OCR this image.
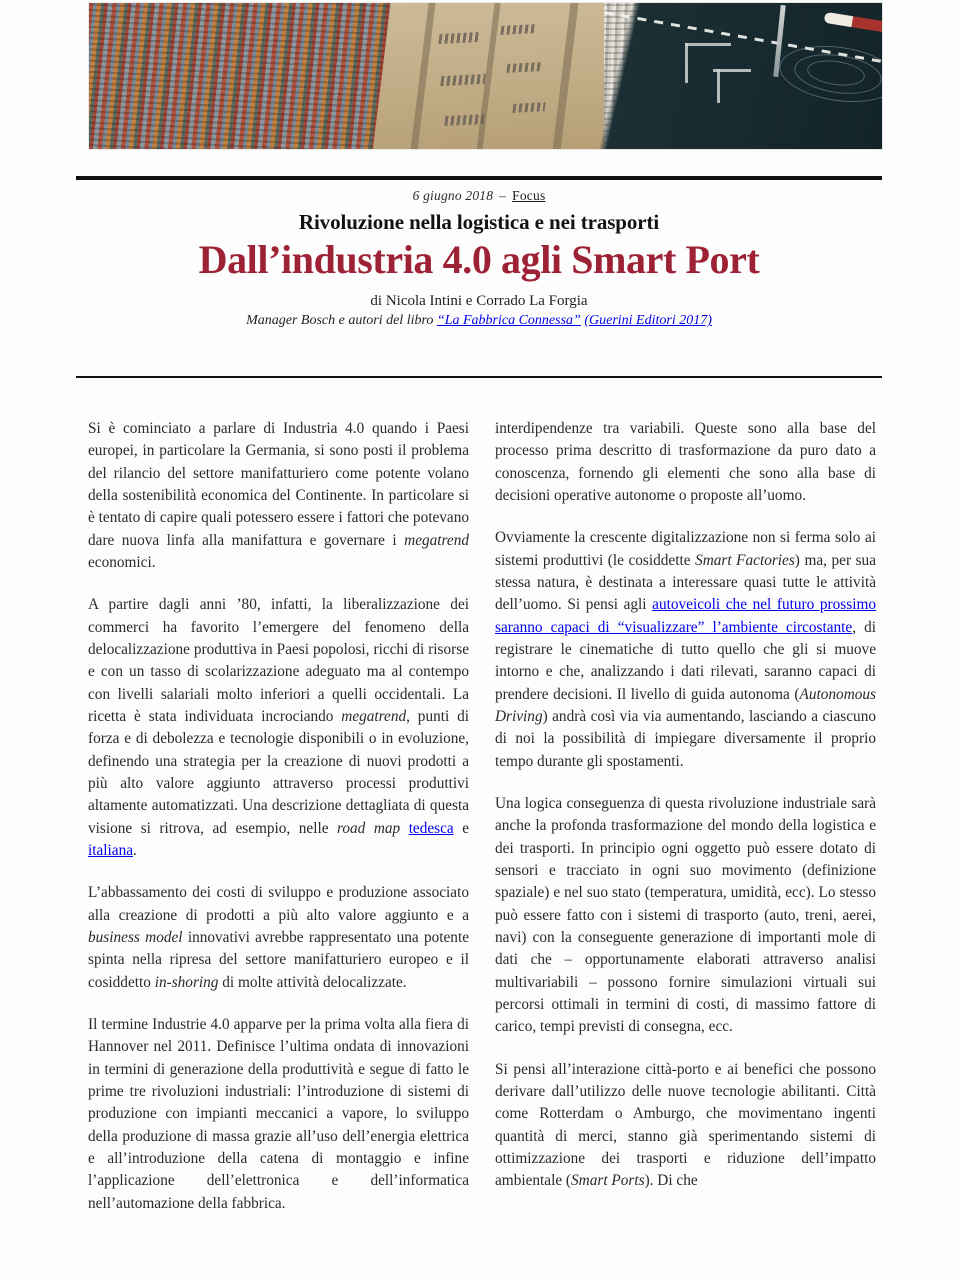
6 giugno 2018 – Focus
Rivoluzione nella logistica e nei trasporti
Dall’industria 4.0 agli Smart Port
di Nicola Intini e Corrado La Forgia
Manager Bosch e autori del libro “La Fabbrica Connessa” (Guerini Editori 2017)

Si è cominciato a parlare di Industria 4.0 quando i Paesi europei, in particolare la Germania, si sono posti il problema del rilancio del settore manifatturiero come potente volano della sostenibilità economica del Continente. In particolare si è tentato di capire quali potessero essere i fattori che potevano dare nuova linfa alla manifattura e governare i megatrend economici.

A partire dagli anni ’80, infatti, la liberalizzazione dei commerci ha favorito l’emergere del fenomeno della delocalizzazione produttiva in Paesi popolosi, ricchi di risorse e con un tasso di scolarizzazione adeguato ma al contempo con livelli salariali molto inferiori a quelli occidentali. La ricetta è stata individuata incrociando megatrend, punti di forza e di debolezza e tecnologie disponibili o in evoluzione, definendo una strategia per la creazione di nuovi prodotti a più alto valore aggiunto attraverso processi produttivi altamente automatizzati. Una descrizione dettagliata di questa visione si ritrova, ad esempio, nelle road map tedesca e italiana.

L’abbassamento dei costi di sviluppo e produzione associato alla creazione di prodotti a più alto valore aggiunto e a business model innovativi avrebbe rappresentato una potente spinta nella ripresa del settore manifatturiero europeo e il cosiddetto in-shoring di molte attività delocalizzate.

Il termine Industrie 4.0 apparve per la prima volta alla fiera di Hannover nel 2011. Definisce l’ultima ondata di innovazioni in termini di generazione della produttività e segue di fatto le prime tre rivoluzioni industriali: l’introduzione di sistemi di produzione con impianti meccanici a vapore, lo sviluppo della produzione di massa grazie all’uso dell’energia elettrica e all’introduzione della catena di montaggio e infine l’applicazione dell’elettronica e dell’informatica nell’automazione della fabbrica.

interdipendenze tra variabili. Queste sono alla base del processo prima descritto di trasformazione da puro dato a conoscenza, fornendo gli elementi che sono alla base di decisioni operative autonome o proposte all’uomo.

Ovviamente la crescente digitalizzazione non si ferma solo ai sistemi produttivi (le cosiddette Smart Factories) ma, per sua stessa natura, è destinata a interessare quasi tutte le attività dell’uomo. Si pensi agli autoveicoli che nel futuro prossimo saranno capaci di “visualizzare” l’ambiente circostante, di registrare le cinematiche di tutto quello che gli si muove intorno e che, analizzando i dati rilevati, saranno capaci di prendere decisioni. Il livello di guida autonoma (Autonomous Driving) andrà così via via aumentando, lasciando a ciascuno di noi la possibilità di impiegare diversamente il proprio tempo durante gli spostamenti.

Una logica conseguenza di questa rivoluzione industriale sarà anche la profonda trasformazione del mondo della logistica e dei trasporti. In principio ogni oggetto può essere dotato di sensori e tracciato in ogni suo movimento (definizione spaziale) e nel suo stato (temperatura, umidità, ecc). Lo stesso può essere fatto con i sistemi di trasporto (auto, treni, aerei, navi) con la conseguente generazione di importanti mole di dati che – opportunamente elaborati attraverso analisi multivariabili – possono fornire simulazioni virtuali sui percorsi ottimali in termini di costi, di massimo fattore di carico, tempi previsti di consegna, ecc.

Si pensi all’interazione città-porto e ai benefici che possono derivare dall’utilizzo delle nuove tecnologie abilitanti. Città come Rotterdam o Amburgo, che movimentano ingenti quantità di merci, stanno già sperimentando sistemi di ottimizzazione dei trasporti e riduzione dell’impatto ambientale (Smart Ports). Di che
